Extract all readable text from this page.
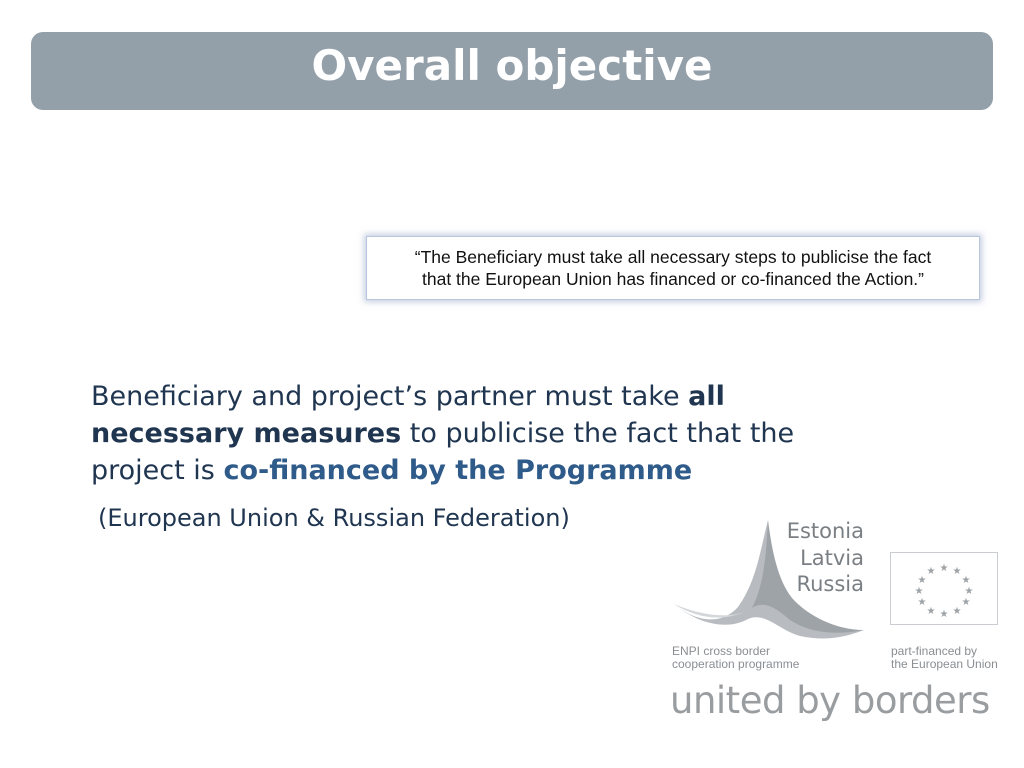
Overall objective
“The Beneficiary must take all necessary steps to publicise the fact
that the European Union has financed or co-financed the Action.”
Beneficiary and project’s partner must take all
necessary measures to publicise the fact that the
project is co-financed by the Programme
(European Union & Russian Federation)	Estonia
Latvia
Russia
ENPI cross border
cooperation programme
★ ★
★
★
★
★
★
★
★
★
★
★
part-financed by
the European Union
united by borders
